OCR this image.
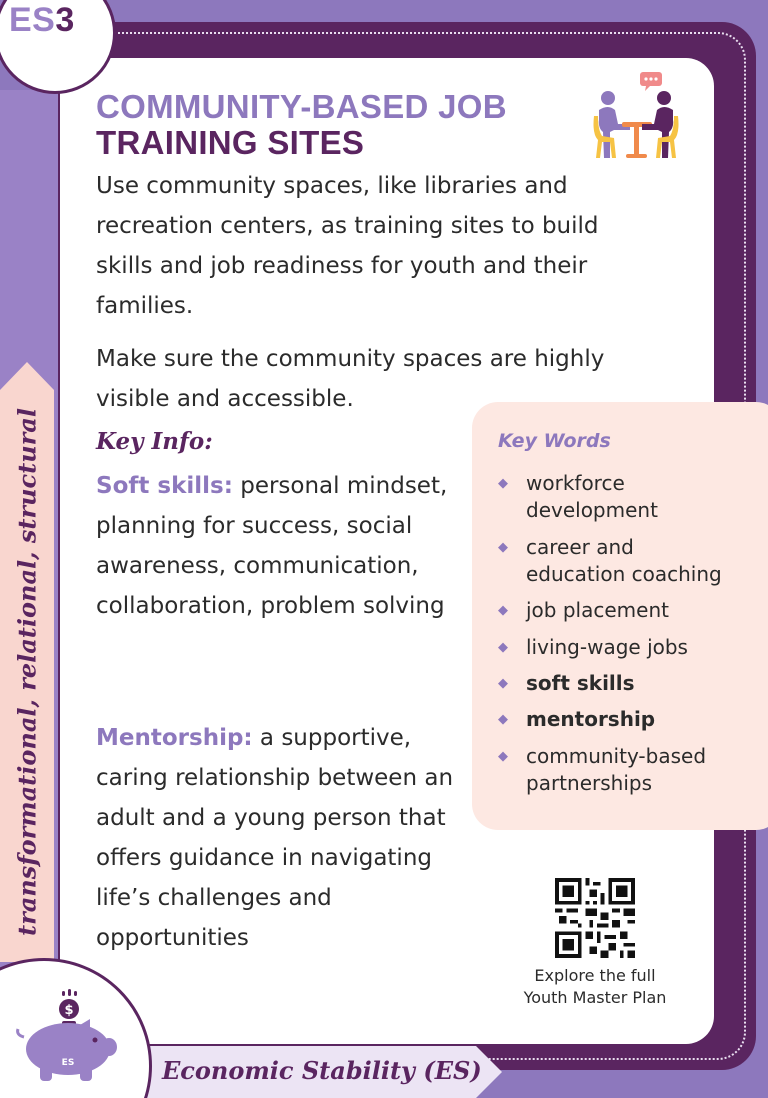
transformational, relational, structural
ES3
COMMUNITY-BASED JOB
TRAINING SITES
Use community spaces, like libraries and recreation centers, as training sites to build skills and job readiness for youth and their families.
Make sure the community spaces are highly visible and accessible.
Key Info:
Soft skills: personal mindset, planning for success, social awareness, communication, collaboration, problem solving
Mentorship: a supportive, caring relationship between an adult and a young person that offers guidance in navigating life’s challenges and opportunities
Key Words
◆ workforce development
◆ career and education coaching
◆ job placement
◆ living-wage jobs
◆ soft skills
◆ mentorship
◆ community-based partnerships
Explore the full
Youth Master Plan
Economic Stability (ES)
$
ES
